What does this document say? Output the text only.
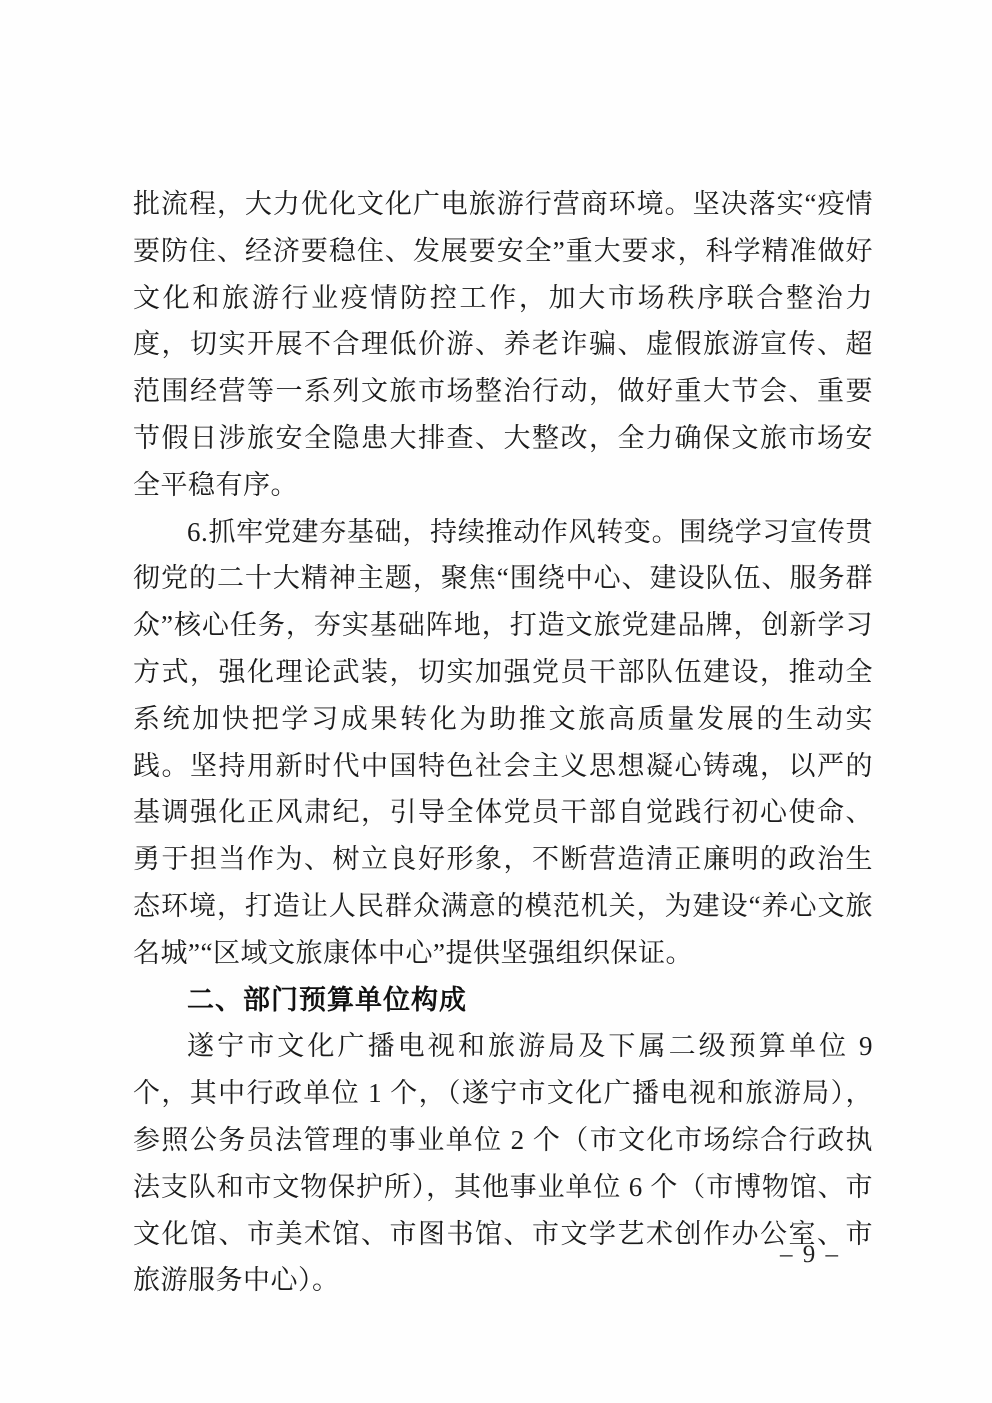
批流程，大力优化文化广电旅游行营商环境。坚决落实“疫情要防住、经济要稳住、发展要安全”重大要求，科学精准做好文化和旅游行业疫情防控工作，加大市场秩序联合整治力度，切实开展不合理低价游、养老诈骗、虚假旅游宣传、超范围经营等一系列文旅市场整治行动，做好重大节会、重要节假日涉旅安全隐患大排查、大整改，全力确保文旅市场安全平稳有序。

6.抓牢党建夯基础，持续推动作风转变。围绕学习宣传贯彻党的二十大精神主题，聚焦“围绕中心、建设队伍、服务群众”核心任务，夯实基础阵地，打造文旅党建品牌，创新学习方式，强化理论武装，切实加强党员干部队伍建设，推动全系统加快把学习成果转化为助推文旅高质量发展的生动实践。坚持用新时代中国特色社会主义思想凝心铸魂，以严的基调强化正风肃纪，引导全体党员干部自觉践行初心使命、勇于担当作为、树立良好形象，不断营造清正廉明的政治生态环境，打造让人民群众满意的模范机关，为建设“养心文旅名城”“区域文旅康体中心”提供坚强组织保证。

二、部门预算单位构成

遂宁市文化广播电视和旅游局及下属二级预算单位 9 个，其中行政单位 1 个，（遂宁市文化广播电视和旅游局），参照公务员法管理的事业单位 2 个（市文化市场综合行政执法支队和市文物保护所），其他事业单位 6 个（市博物馆、市文化馆、市美术馆、市图书馆、市文学艺术创作办公室、市旅游服务中心）。

– 9 –
